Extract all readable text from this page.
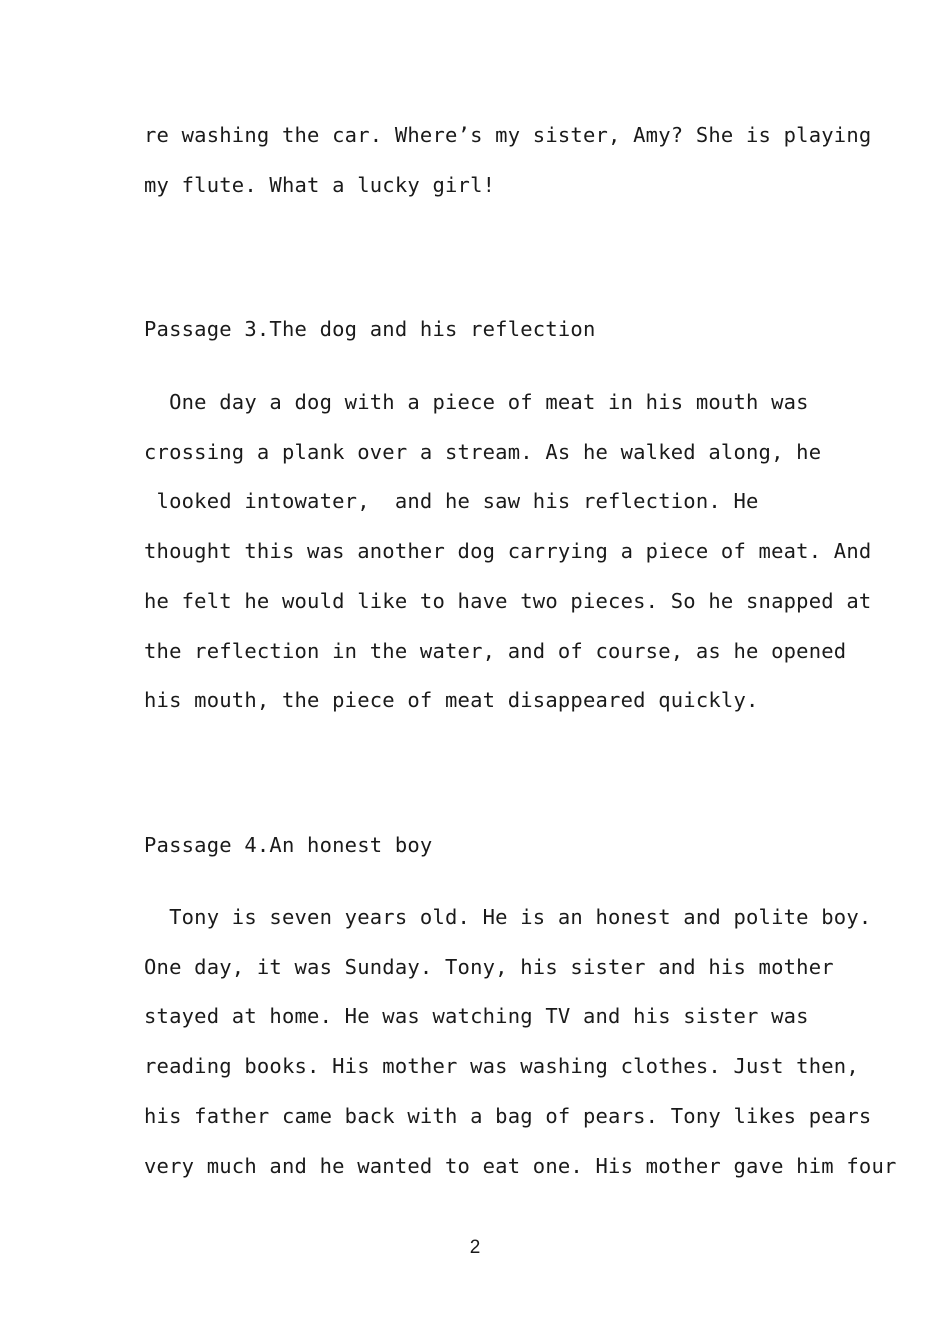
re washing the car. Where’s my sister, Amy? She is playing
my flute. What a lucky girl!
Passage 3.The dog and his reflection
One day a dog with a piece of meat in his mouth was
crossing a plank over a stream. As he walked along, he
looked intowater,  and he saw his reflection. He
thought this was another dog carrying a piece of meat. And
he felt he would like to have two pieces. So he snapped at
the reflection in the water, and of course, as he opened
his mouth, the piece of meat disappeared quickly.
Passage 4.An honest boy
Tony is seven years old. He is an honest and polite boy.
One day, it was Sunday. Tony, his sister and his mother
stayed at home. He was watching TV and his sister was
reading books. His mother was washing clothes. Just then,
his father came back with a bag of pears. Tony likes pears
very much and he wanted to eat one. His mother gave him four
2
